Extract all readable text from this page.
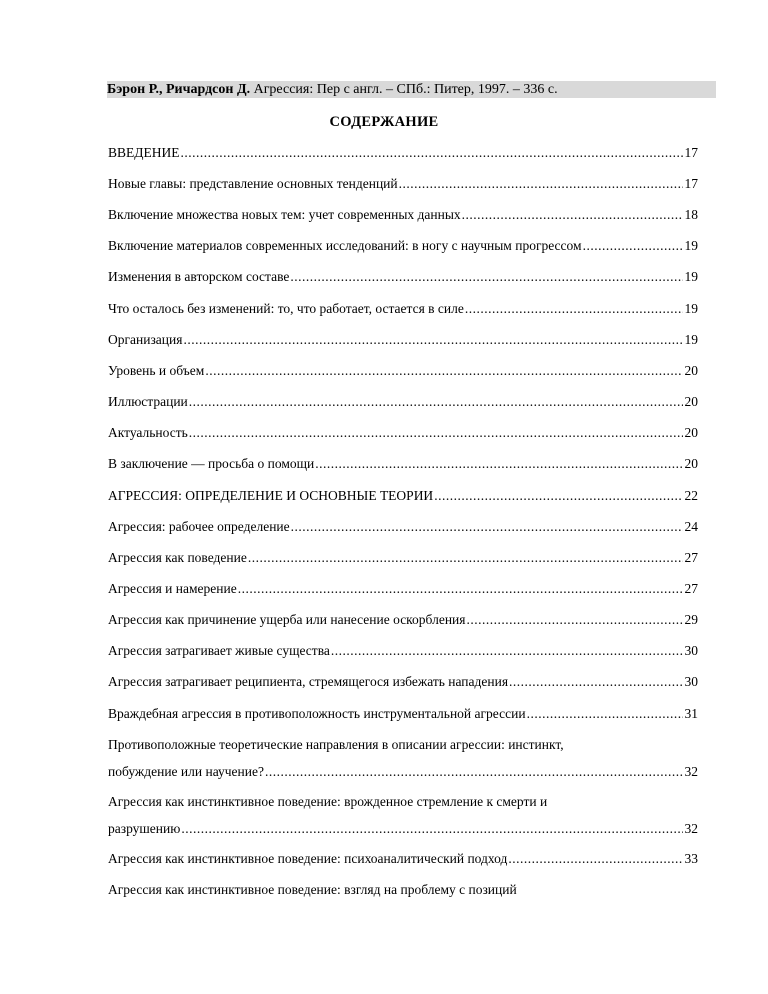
Бэрон Р., Ричардсон Д. Агрессия: Пер с англ. – СПб.: Питер, 1997. – 336 с.
СОДЕРЖАНИЕ
ВВЕДЕНИЕ .....	17
Новые главы: представление основных тенденций .....	17
Включение множества новых тем: учет современных данных .....	18
Включение материалов современных исследований: в ногу с научным прогрессом .....	19
Изменения в авторском составе .....	19
Что осталось без изменений: то, что работает, остается в силе .....	19
Организация .....	19
Уровень и объем .....	20
Иллюстрации .....	20
Актуальность .....	20
В заключение — просьба о помощи .....	20
АГРЕССИЯ: ОПРЕДЕЛЕНИЕ И ОСНОВНЫЕ ТЕОРИИ .....	22
Агрессия: рабочее определение .....	24
Агрессия как поведение .....	27
Агрессия и намерение .....	27
Агрессия как причинение ущерба или нанесение оскорбления .....	29
Агрессия затрагивает живые существа .....	30
Агрессия затрагивает реципиента, стремящегося избежать нападения .....	30
Враждебная агрессия в противоположность инструментальной агрессии .....	31
Противоположные теоретические направления в описании агрессии: инстинкт,
побуждение или научение? .....	32
Агрессия как инстинктивное поведение: врожденное стремление к смерти и
разрушению .....	32
Агрессия как инстинктивное поведение: психоаналитический подход .....	33
Агрессия как инстинктивное поведение: взгляд на проблему с позиций
